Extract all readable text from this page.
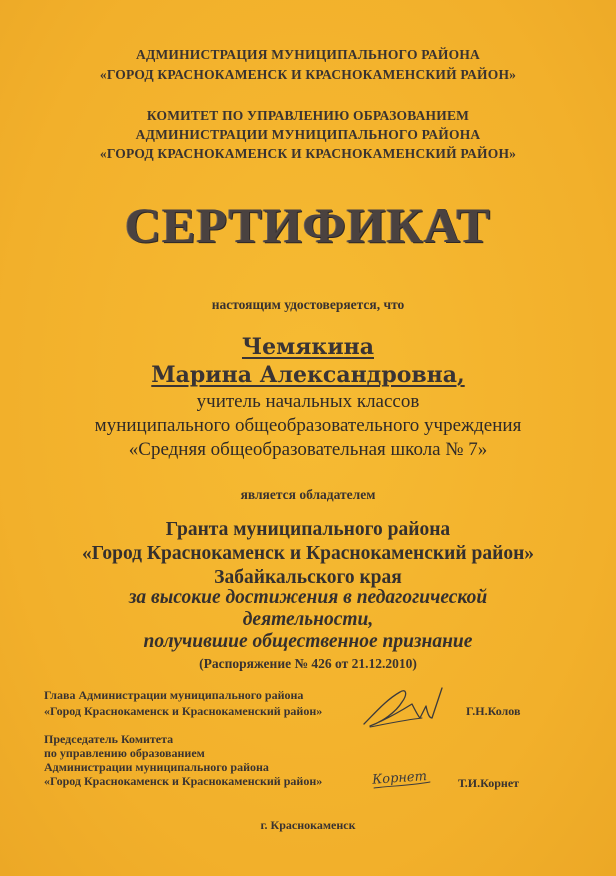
АДМИНИСТРАЦИЯ МУНИЦИПАЛЬНОГО РАЙОНА
«ГОРОД КРАСНОКАМЕНСК И КРАСНОКАМЕНСКИЙ РАЙОН»
КОМИТЕТ ПО УПРАВЛЕНИЮ ОБРАЗОВАНИЕМ
АДМИНИСТРАЦИИ МУНИЦИПАЛЬНОГО РАЙОНА
«ГОРОД КРАСНОКАМЕНСК И КРАСНОКАМЕНСКИЙ РАЙОН»
СЕРТИФИКАТ
настоящим удостоверяется, что
Чемякина
Марина Александровна,
учитель начальных классов
муниципального общеобразовательного учреждения
«Средняя общеобразовательная школа № 7»
является обладателем
Гранта муниципального района
«Город Краснокаменск и Краснокаменский район»
Забайкальского края
за высокие достижения в педагогической
деятельности,
получившие общественное признание
(Распоряжение № 426 от 21.12.2010)
Глава Администрации муниципального района
«Город Краснокаменск и Краснокаменский район»	Г.Н.Колов
Председатель Комитета
по управлению образованием
Администрации муниципального района
«Город Краснокаменск и Краснокаменский район»	Корнет	Т.И.Корнет
г. Краснокаменск
